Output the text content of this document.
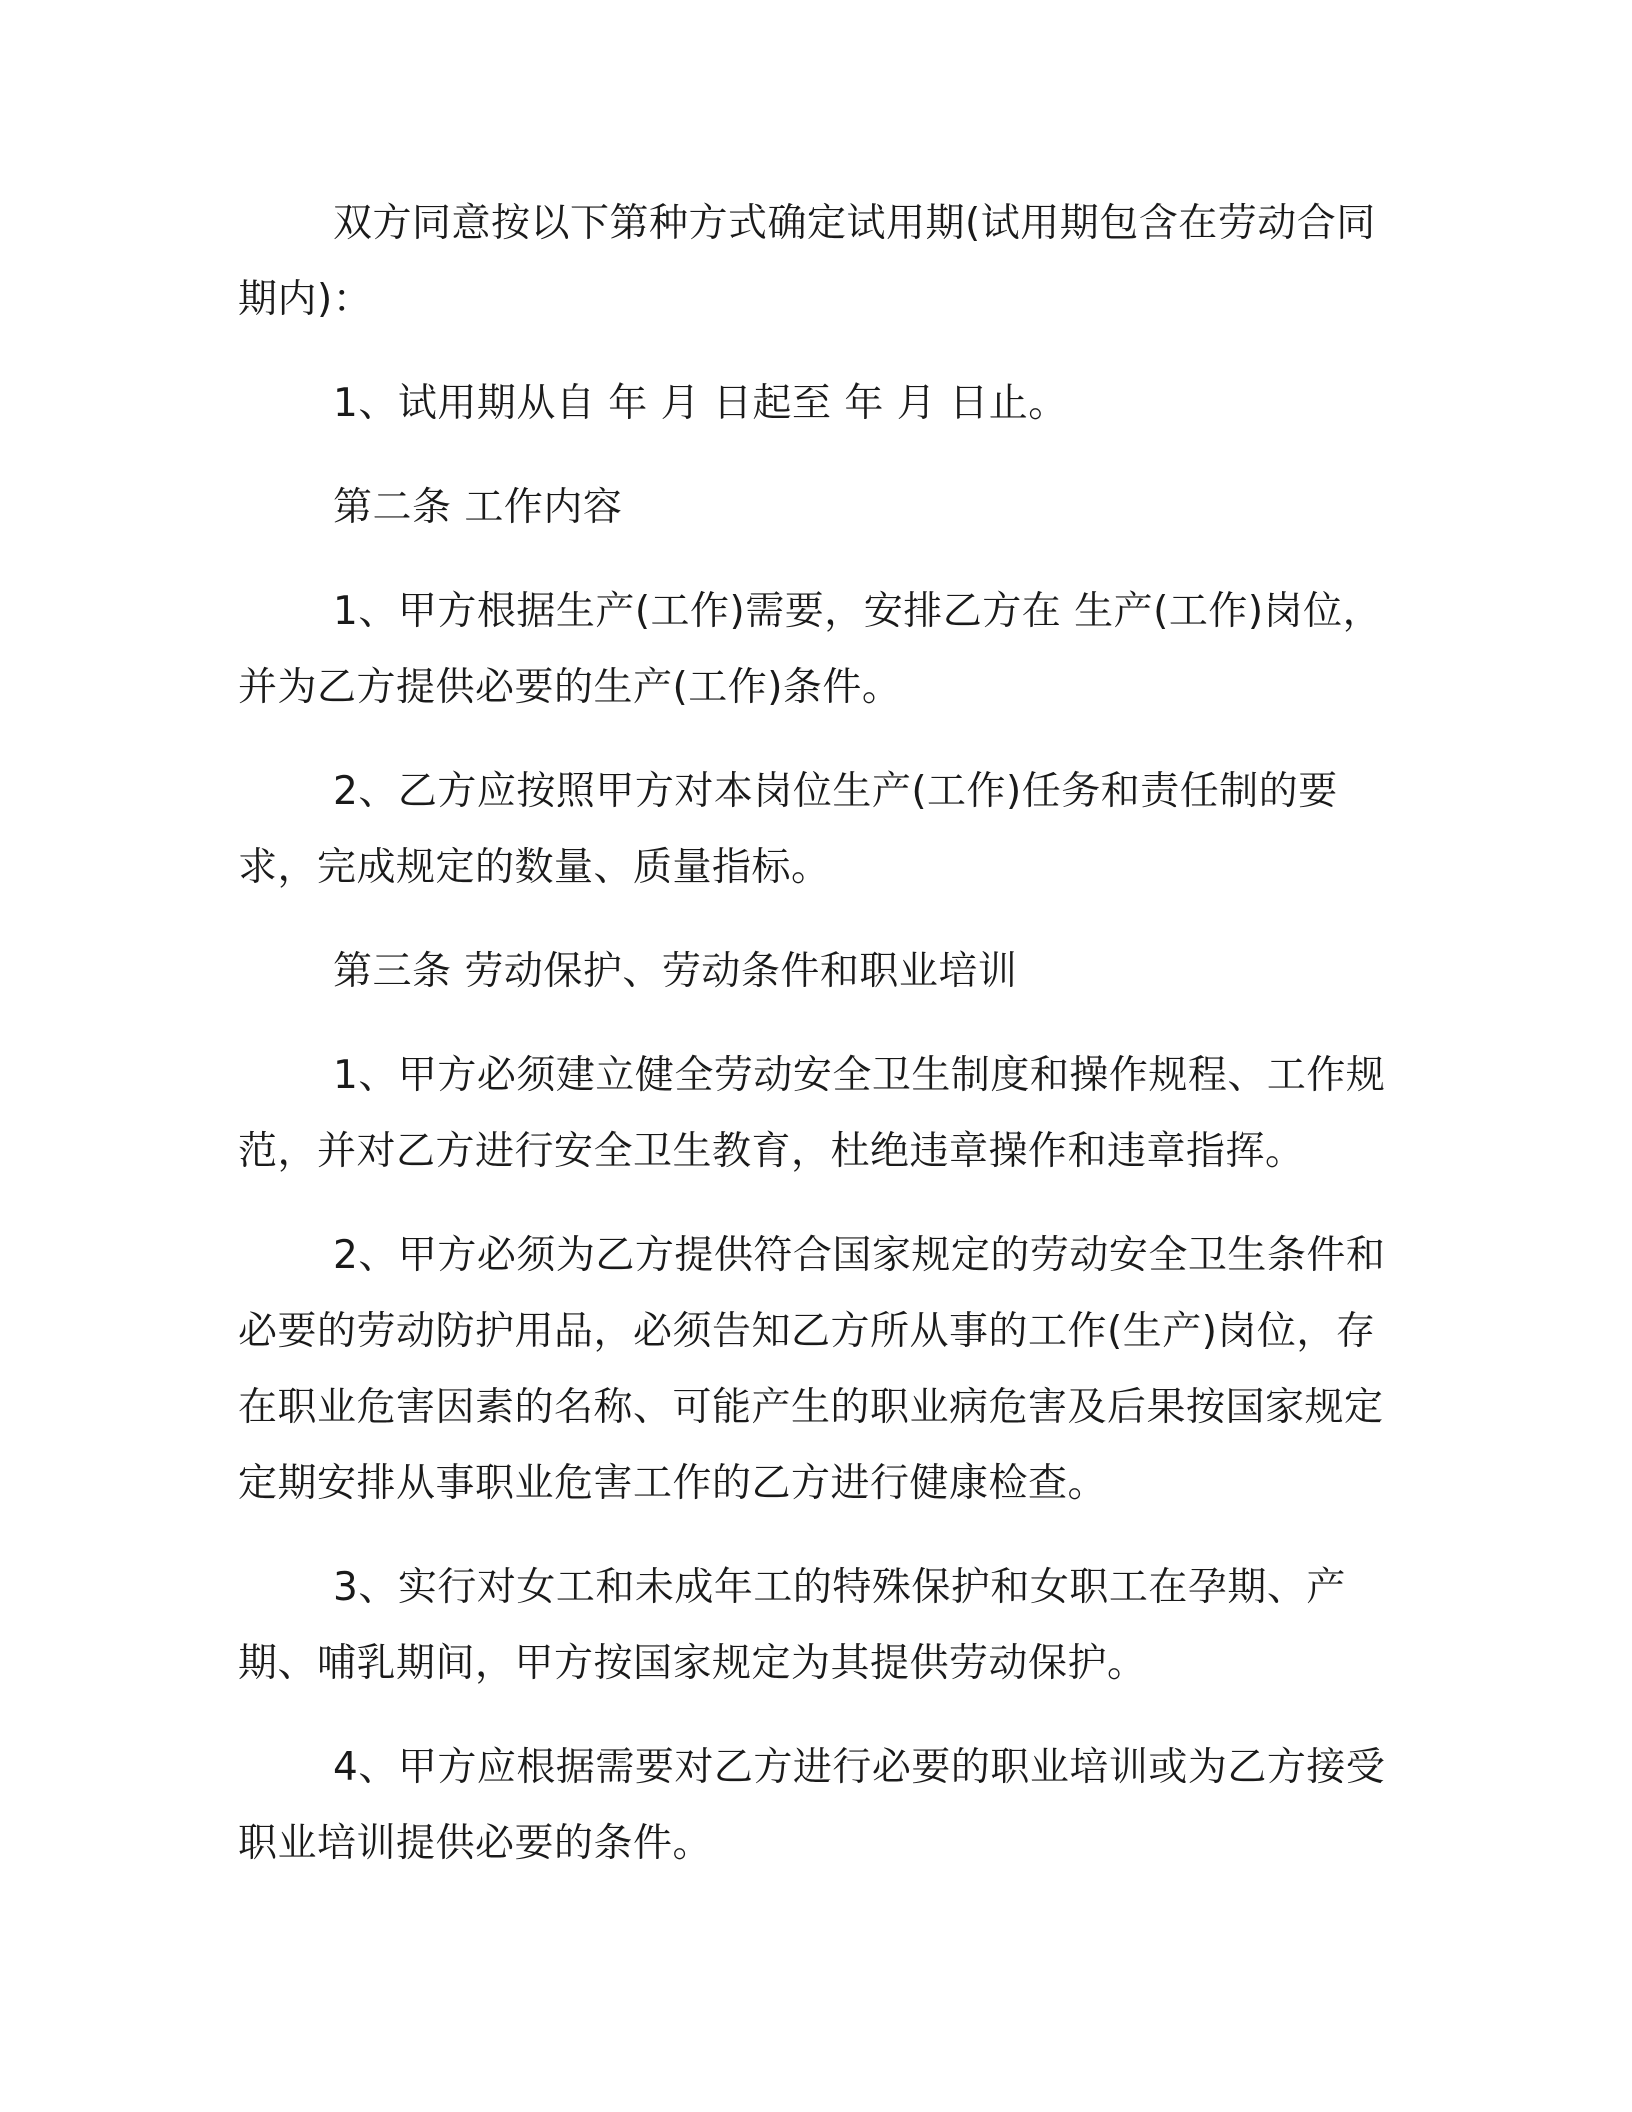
双方同意按以下第种方式确定试用期(试用期包含在劳动合同期内)：

1、试用期从自 年 月 日起至 年 月 日止。

第二条 工作内容

1、甲方根据生产(工作)需要，安排乙方在 生产(工作)岗位，并为乙方提供必要的生产(工作)条件。

2、乙方应按照甲方对本岗位生产(工作)任务和责任制的要求，完成规定的数量、质量指标。

第三条 劳动保护、劳动条件和职业培训

1、甲方必须建立健全劳动安全卫生制度和操作规程、工作规范，并对乙方进行安全卫生教育，杜绝违章操作和违章指挥。

2、甲方必须为乙方提供符合国家规定的劳动安全卫生条件和必要的劳动防护用品，必须告知乙方所从事的工作(生产)岗位，存在职业危害因素的名称、可能产生的职业病危害及后果按国家规定定期安排从事职业危害工作的乙方进行健康检查。

3、实行对女工和未成年工的特殊保护和女职工在孕期、产期、哺乳期间，甲方按国家规定为其提供劳动保护。

4、甲方应根据需要对乙方进行必要的职业培训或为乙方接受职业培训提供必要的条件。
